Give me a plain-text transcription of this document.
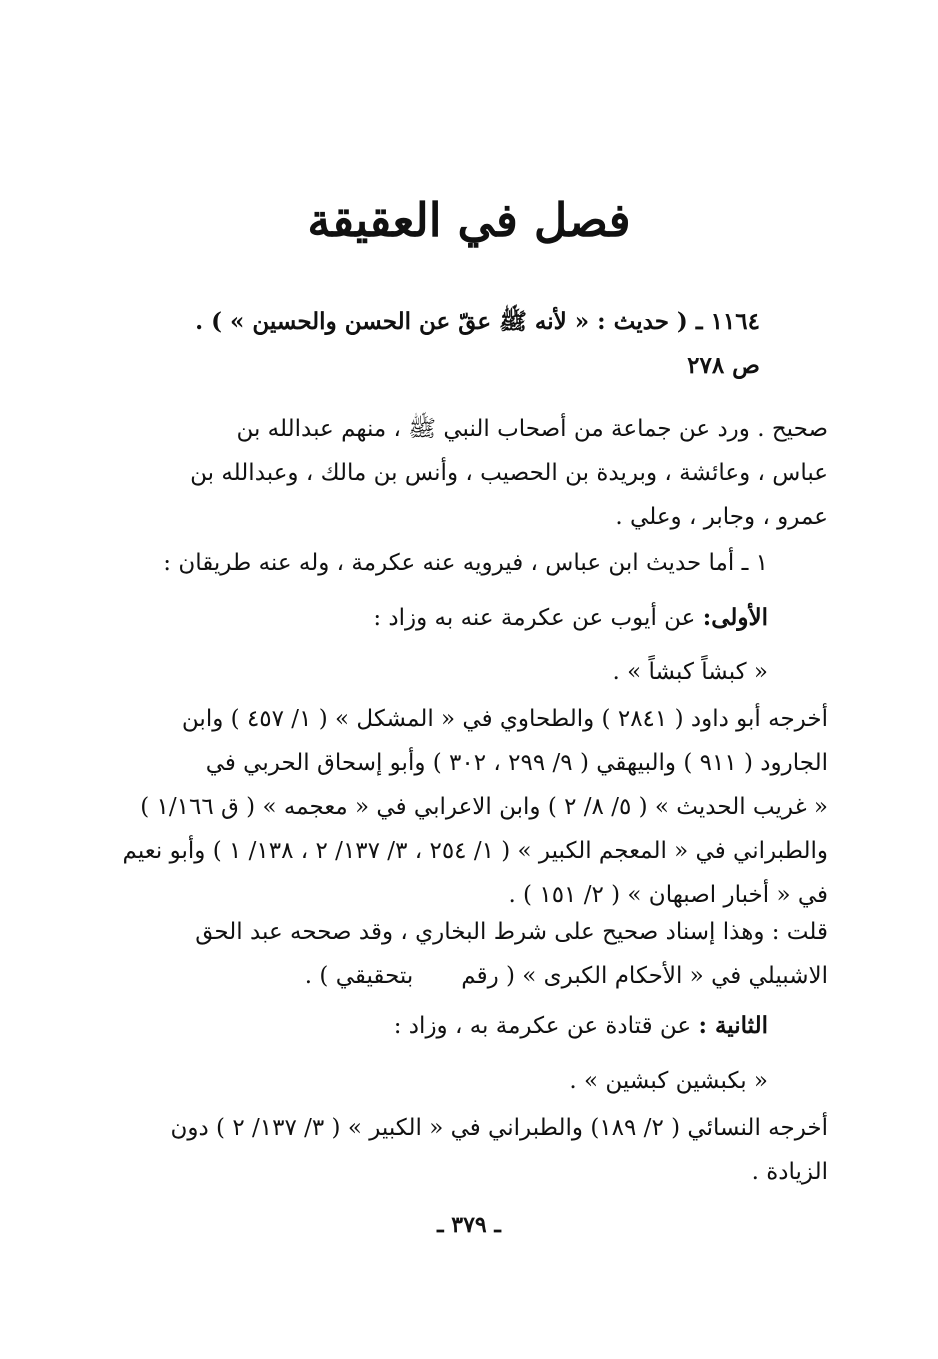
فصل في العقيقة
١١٦٤ ـ ( حديث : « لأنه ﷺ عقّ عن الحسن والحسين » ) .
ص ٢٧٨
صحيح . ورد عن جماعة من أصحاب النبي ﷺ ، منهم عبدالله بن
عباس ، وعائشة ، وبريدة بن الحصيب ، وأنس بن مالك ، وعبدالله بن
عمرو ، وجابر ، وعلي .
١ ـ أما حديث ابن عباس ، فيرويه عنه عكرمة ، وله عنه طريقان :
الأولى: عن أيوب عن عكرمة عنه به وزاد :
« كبشاً كبشاً » .
أخرجه أبو داود ( ٢٨٤١ ) والطحاوي في « المشكل » ( ١/ ٤٥٧ ) وابن
الجارود ( ٩١١ ) والبيهقي ( ٩/ ٢٩٩ ، ٣٠٢ ) وأبو إسحاق الحربي في
« غريب الحديث » ( ٥/ ٨/ ٢ ) وابن الاعرابي في « معجمه » ( ق ١/١٦٦ )
والطبراني في « المعجم الكبير » ( ١/ ٢٥٤ ، ٣/ ١٣٧/ ٢ ، ١٣٨/ ١ ) وأبو نعيم
في « أخبار اصبهان » ( ٢/ ١٥١ ) .
قلت : وهذا إسناد صحيح على شرط البخاري ، وقد صححه عبد الحق
الاشبيلي في « الأحكام الكبرى » ( رقمبتحقيقي ) .
الثانية : عن قتادة عن عكرمة به ، وزاد :
« بكبشين كبشين » .
أخرجه النسائي ( ٢/ ١٨٩) والطبراني في « الكبير » ( ٣/ ١٣٧/ ٢ ) دون
الزيادة .
ـ ٣٧٩ ـ
